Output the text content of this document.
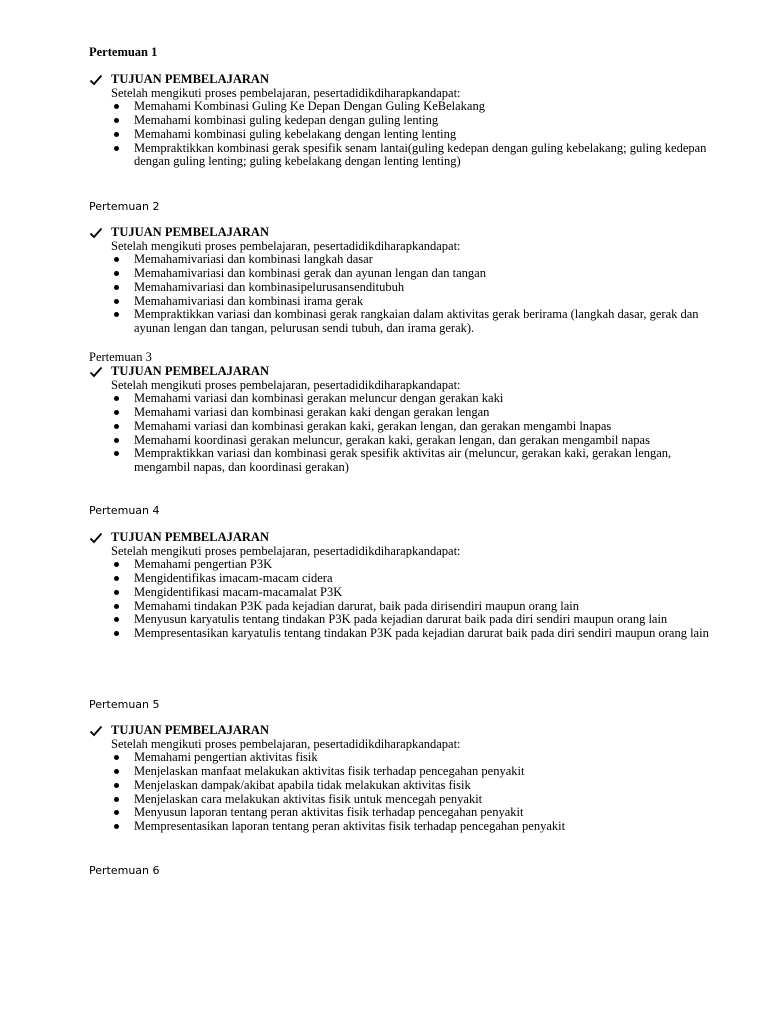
Pertemuan 1
TUJUAN PEMBELAJARAN
Setelah mengikuti proses pembelajaran, pesertadidikdiharapkandapat:
Memahami Kombinasi Guling Ke Depan Dengan Guling KeBelakang
Memahami kombinasi guling kedepan dengan guling lenting
Memahami kombinasi guling kebelakang dengan lenting lenting
Mempraktikkan kombinasi gerak spesifik senam lantai(guling kedepan dengan guling kebelakang; guling kedepan dengan guling lenting; guling kebelakang dengan lenting lenting)
Pertemuan 2
TUJUAN PEMBELAJARAN
Setelah mengikuti proses pembelajaran, pesertadidikdiharapkandapat:
Memahamivariasi dan kombinasi langkah dasar
Memahamivariasi dan kombinasi gerak dan ayunan lengan dan tangan
Memahamivariasi dan kombinasipelurusansenditubuh
Memahamivariasi dan kombinasi irama gerak
Mempraktikkan variasi dan kombinasi gerak rangkaian dalam aktivitas gerak berirama (langkah dasar, gerak dan ayunan lengan dan tangan, pelurusan sendi tubuh, dan irama gerak).
Pertemuan 3
TUJUAN PEMBELAJARAN
Setelah mengikuti proses pembelajaran, pesertadidikdiharapkandapat:
Memahami variasi dan kombinasi gerakan meluncur dengan gerakan kaki
Memahami variasi dan kombinasi gerakan kaki dengan gerakan lengan
Memahami variasi dan kombinasi gerakan kaki, gerakan lengan, dan gerakan mengambi lnapas
Memahami koordinasi gerakan meluncur, gerakan kaki, gerakan lengan, dan gerakan mengambil napas
Mempraktikkan variasi dan kombinasi gerak spesifik aktivitas air (meluncur, gerakan kaki, gerakan lengan, mengambil napas, dan koordinasi gerakan)
Pertemuan 4
TUJUAN PEMBELAJARAN
Setelah mengikuti proses pembelajaran, pesertadidikdiharapkandapat:
Memahami pengertian P3K
Mengidentifikas imacam-macam cidera
Mengidentifikasi macam-macamalat P3K
Memahami tindakan P3K pada kejadian darurat, baik pada dirisendiri maupun orang lain
Menyusun karyatulis tentang tindakan P3K pada kejadian darurat baik pada diri sendiri maupun orang lain
Mempresentasikan karyatulis tentang tindakan P3K pada kejadian darurat baik pada diri sendiri maupun orang lain
Pertemuan 5
TUJUAN PEMBELAJARAN
Setelah mengikuti proses pembelajaran, pesertadidikdiharapkandapat:
Memahami pengertian aktivitas fisik
Menjelaskan manfaat melakukan aktivitas fisik terhadap pencegahan penyakit
Menjelaskan dampak/akibat apabila tidak melakukan aktivitas fisik
Menjelaskan cara melakukan aktivitas fisik untuk mencegah penyakit
Menyusun laporan tentang peran aktivitas fisik terhadap pencegahan penyakit
Mempresentasikan laporan tentang peran aktivitas fisik terhadap pencegahan penyakit
Pertemuan 6
